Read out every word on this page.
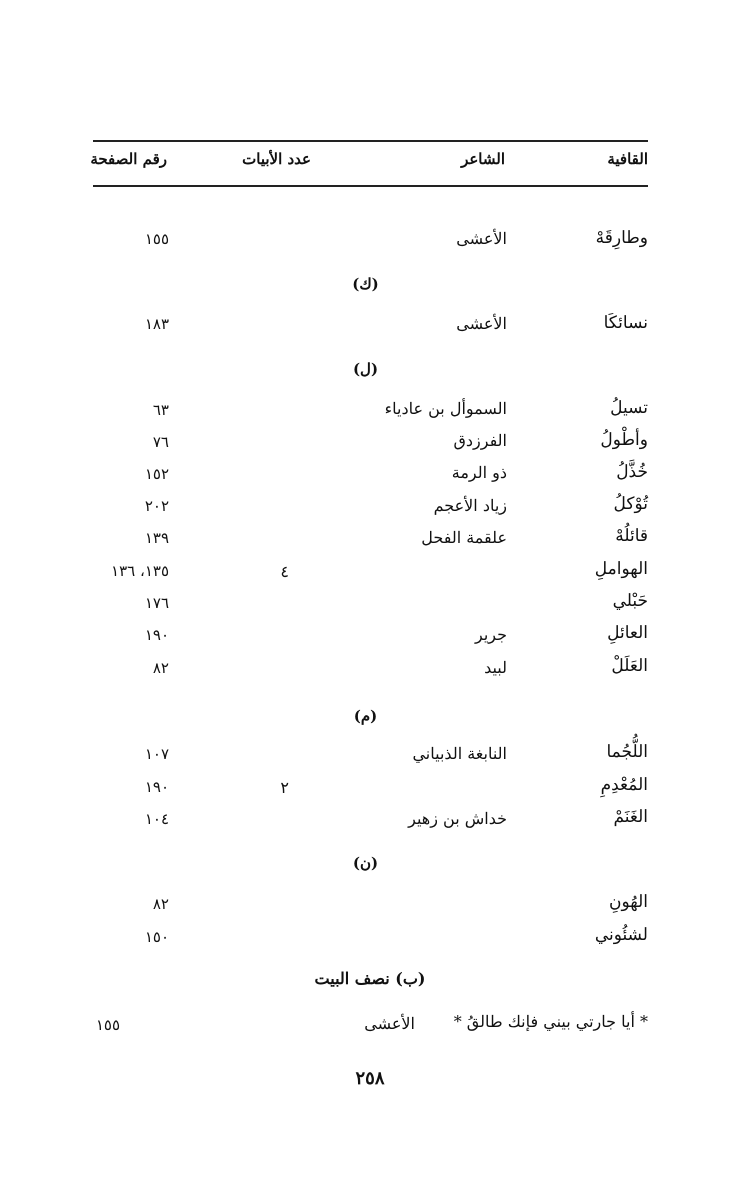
القافية
الشاعر
عدد الأبيات
رقم الصفحة
وطارِقَهْ
الأعشى
١٥٥
(ك)
نسائكَا
الأعشى
١٨٣
(ل)
تسيلُ
السموأل بن عادياء
٦٣
وأطْولُ
الفرزدق
٧٦
خُذَّلُ
ذو الرمة
١٥٢
تُوْكلُ
زياد الأعجم
٢٠٢
قائلُهْ
علقمة الفحل
١٣٩
الهواملِ
٤
١٣٥، ١٣٦
حَبْلي
١٧٦
العائلِ
جرير
١٩٠
العَلَلْ
لبيد
٨٢
(م)
اللُّجُما
النابغة الذبياني
١٠٧
المُعْدِمِ
٢
١٩٠
الغَنَمْ
خداش بن زهير
١٠٤
(ن)
الهُونِ
٨٢
لشئُوني
١٥٠
(ب) نصف البيت
* أيا جارتي بيني فإنك طالقُ *
الأعشى
١٥٥
٢٥٨
